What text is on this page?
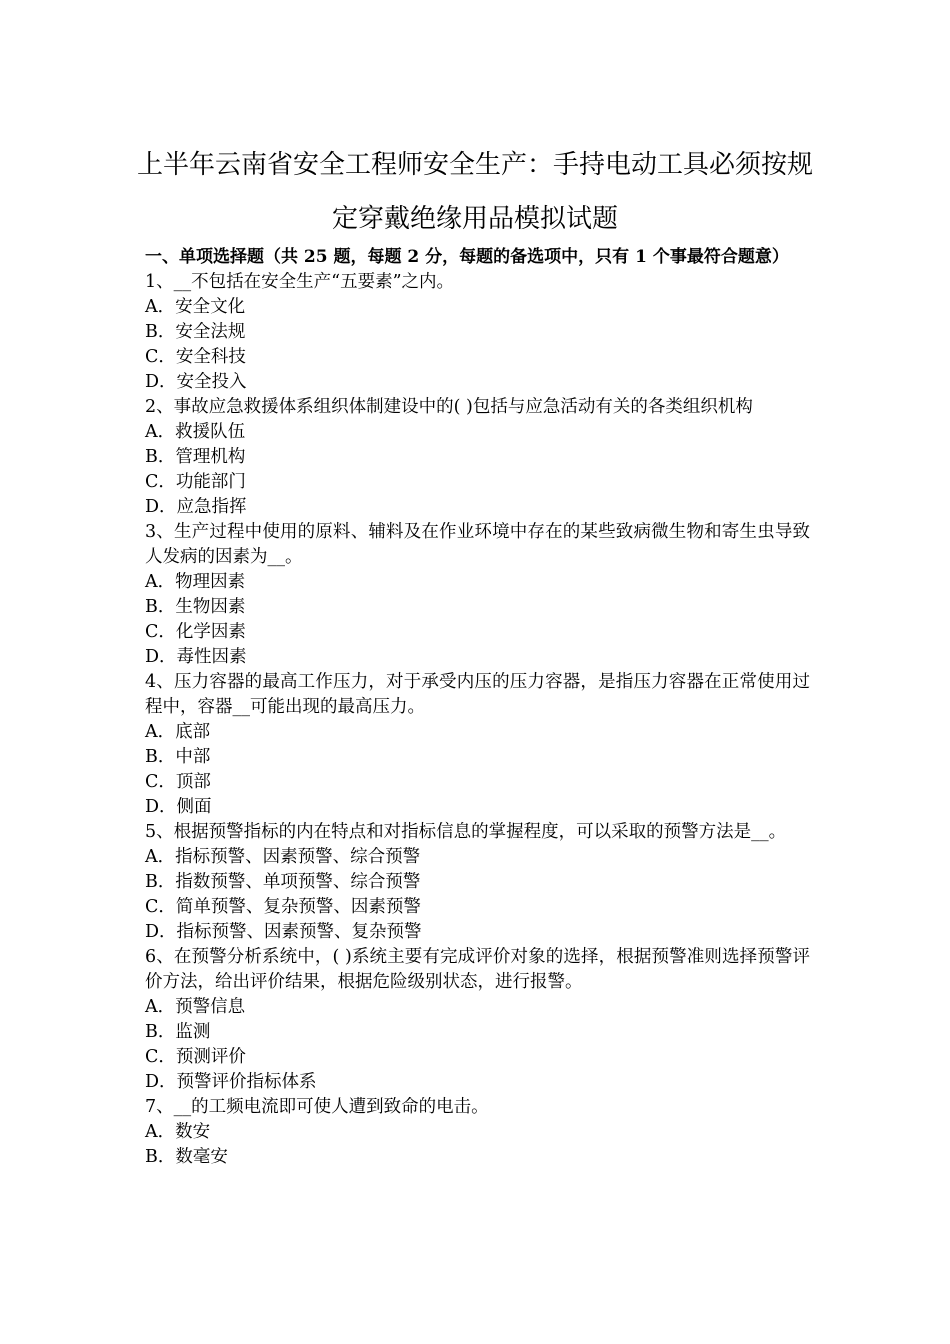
上半年云南省安全工程师安全生产：手持电动工具必须按规
定穿戴绝缘用品模拟试题
一、单项选择题（共 25 题，每题 2 分，每题的备选项中，只有 1 个事最符合题意）
1、__不包括在安全生产“五要素”之内。
A．安全文化
B．安全法规
C．安全科技
D．安全投入
2、事故应急救援体系组织体制建设中的( )包括与应急活动有关的各类组织机构
A．救援队伍
B．管理机构
C．功能部门
D．应急指挥
3、生产过程中使用的原料、辅料及在作业环境中存在的某些致病微生物和寄生虫导致人发病的因素为__。
A．物理因素
B．生物因素
C．化学因素
D．毒性因素
4、压力容器的最高工作压力，对于承受内压的压力容器，是指压力容器在正常使用过程中，容器__可能出现的最高压力。
A．底部
B．中部
C．顶部
D．侧面
5、根据预警指标的内在特点和对指标信息的掌握程度，可以采取的预警方法是__。
A．指标预警、因素预警、综合预警
B．指数预警、单项预警、综合预警
C．简单预警、复杂预警、因素预警
D．指标预警、因素预警、复杂预警
6、在预警分析系统中，( )系统主要有完成评价对象的选择，根据预警准则选择预警评价方法，给出评价结果，根据危险级别状态，进行报警。
A．预警信息
B．监测
C．预测评价
D．预警评价指标体系
7、__的工频电流即可使人遭到致命的电击。
A．数安
B．数毫安
